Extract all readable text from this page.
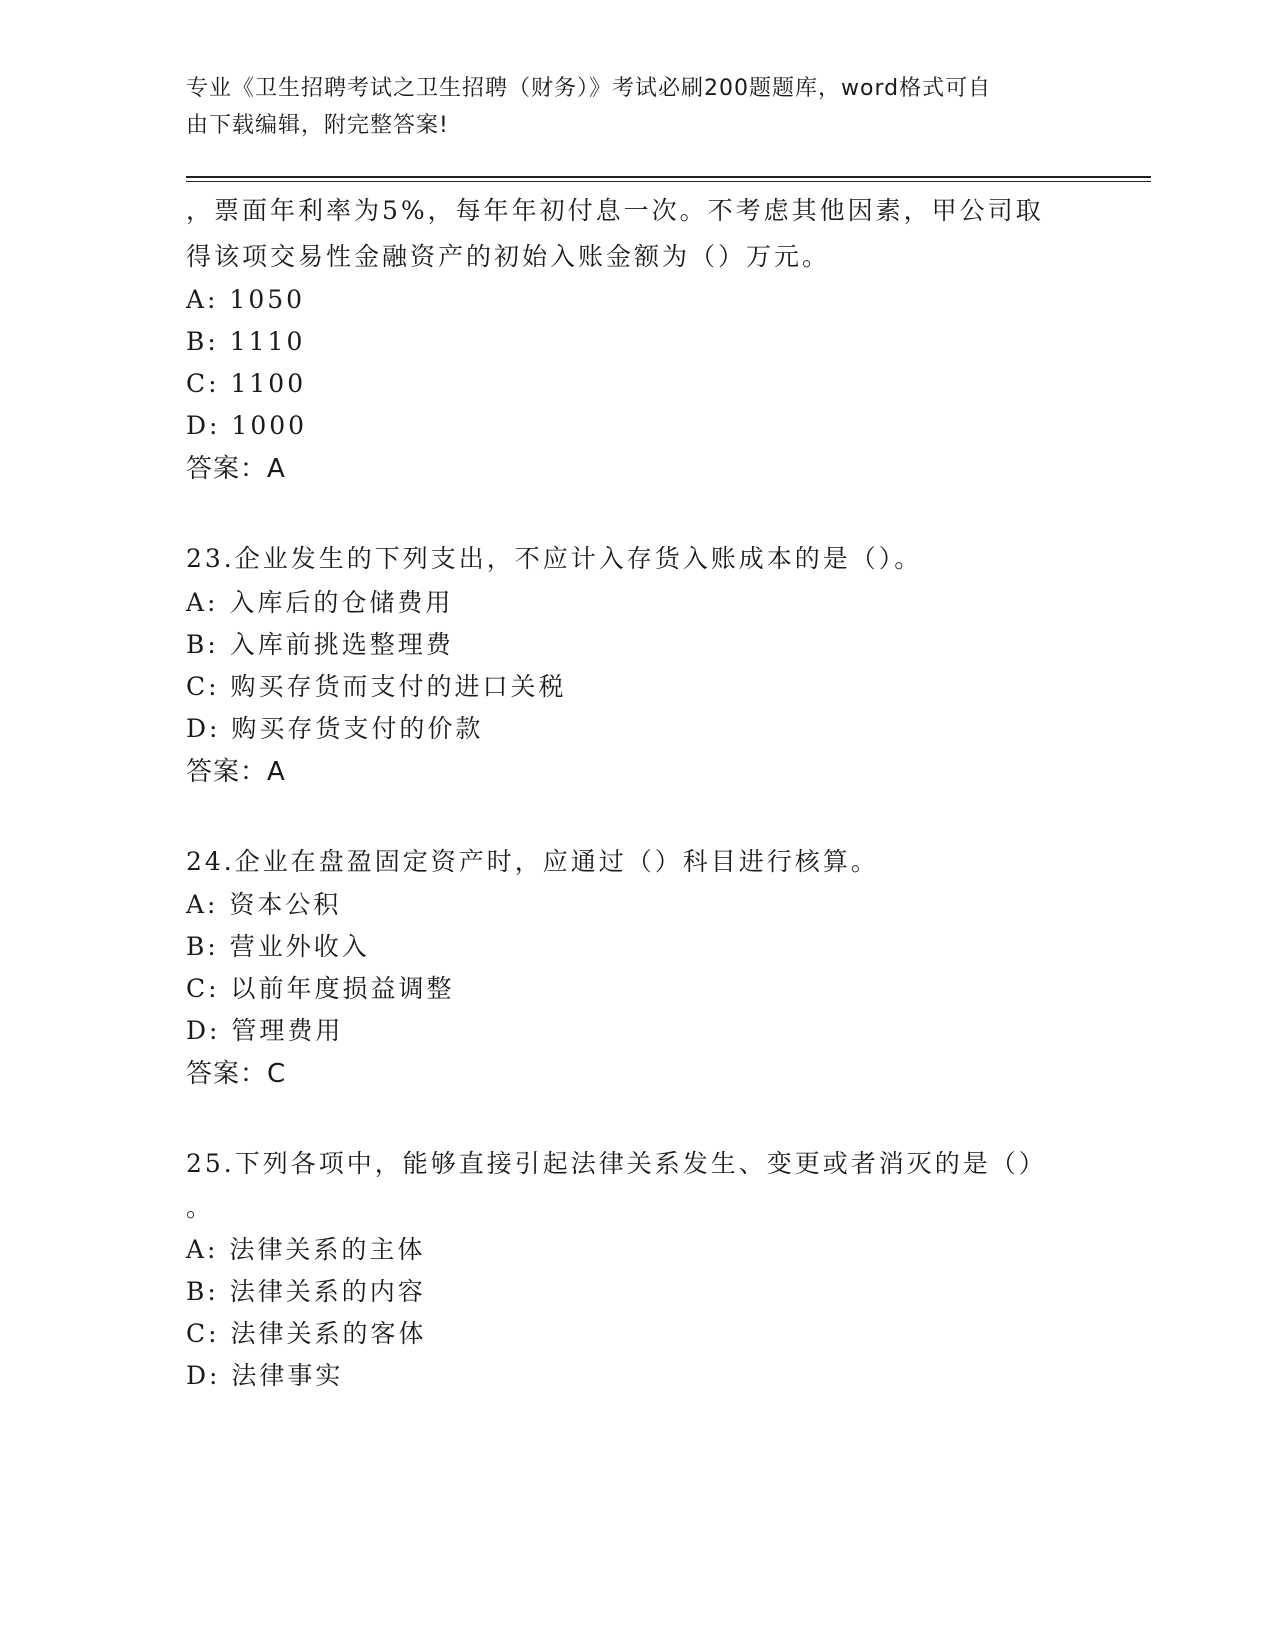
专业《卫生招聘考试之卫生招聘（财务）》考试必刷200题题库，word格式可自
由下载编辑，附完整答案!

，票面年利率为5%，每年年初付息一次。不考虑其他因素，甲公司取
得该项交易性金融资产的初始入账金额为（）万元。
A: 1050
B: 1110
C: 1100
D: 1000
答案：A
23.企业发生的下列支出，不应计入存货入账成本的是（）。
A: 入库后的仓储费用
B: 入库前挑选整理费
C: 购买存货而支付的进口关税
D: 购买存货支付的价款
答案：A
24.企业在盘盈固定资产时，应通过（）科目进行核算。
A: 资本公积
B: 营业外收入
C: 以前年度损益调整
D: 管理费用
答案：C
25.下列各项中，能够直接引起法律关系发生、变更或者消灭的是（）
。
A: 法律关系的主体
B: 法律关系的内容
C: 法律关系的客体
D: 法律事实
